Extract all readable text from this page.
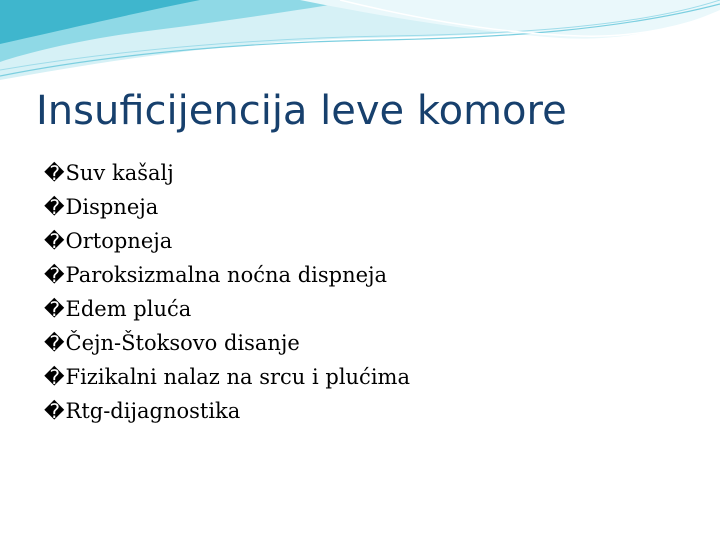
Insuficijencija leve komore
� Suv kašalj
� Dispneja
� Ortopneja
� Paroksizmalna noćna dispneja
� Edem pluća
� Čejn-Štoksovo disanje
� Fizikalni nalaz na srcu i plućima
� Rtg-dijagnostika
